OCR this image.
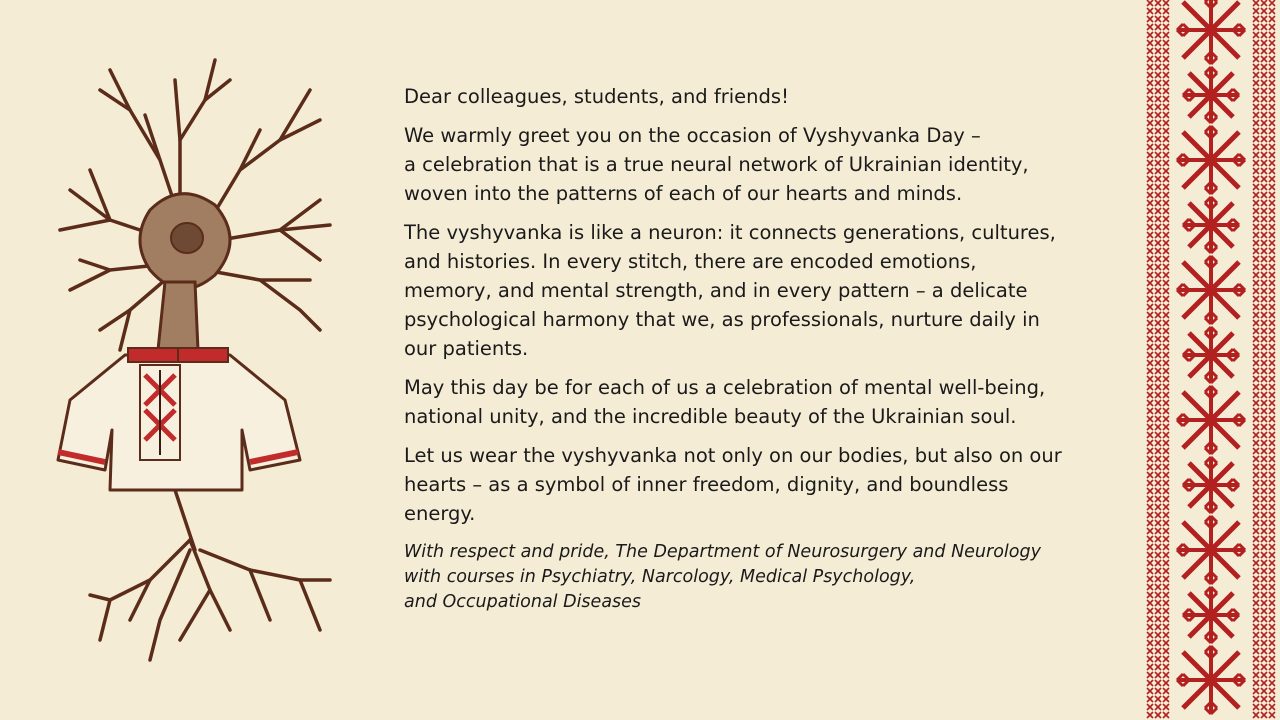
Dear colleagues, students, and friends!

We warmly greet you on the occasion of Vyshyvanka Day –
a celebration that is a true neural network of Ukrainian identity,
woven into the patterns of each of our hearts and minds.

The vyshyvanka is like a neuron: it connects generations, cultures,
and histories. In every stitch, there are encoded emotions,
memory, and mental strength, and in every pattern – a delicate
psychological harmony that we, as professionals, nurture daily in
our patients.

May this day be for each of us a celebration of mental well-being,
national unity, and the incredible beauty of the Ukrainian soul.

Let us wear the vyshyvanka not only on our bodies, but also on our
hearts – as a symbol of inner freedom, dignity, and boundless
energy.

With respect and pride, The Department of Neurosurgery and Neurology
with courses in Psychiatry, Narcology, Medical Psychology,
and Occupational Diseases
